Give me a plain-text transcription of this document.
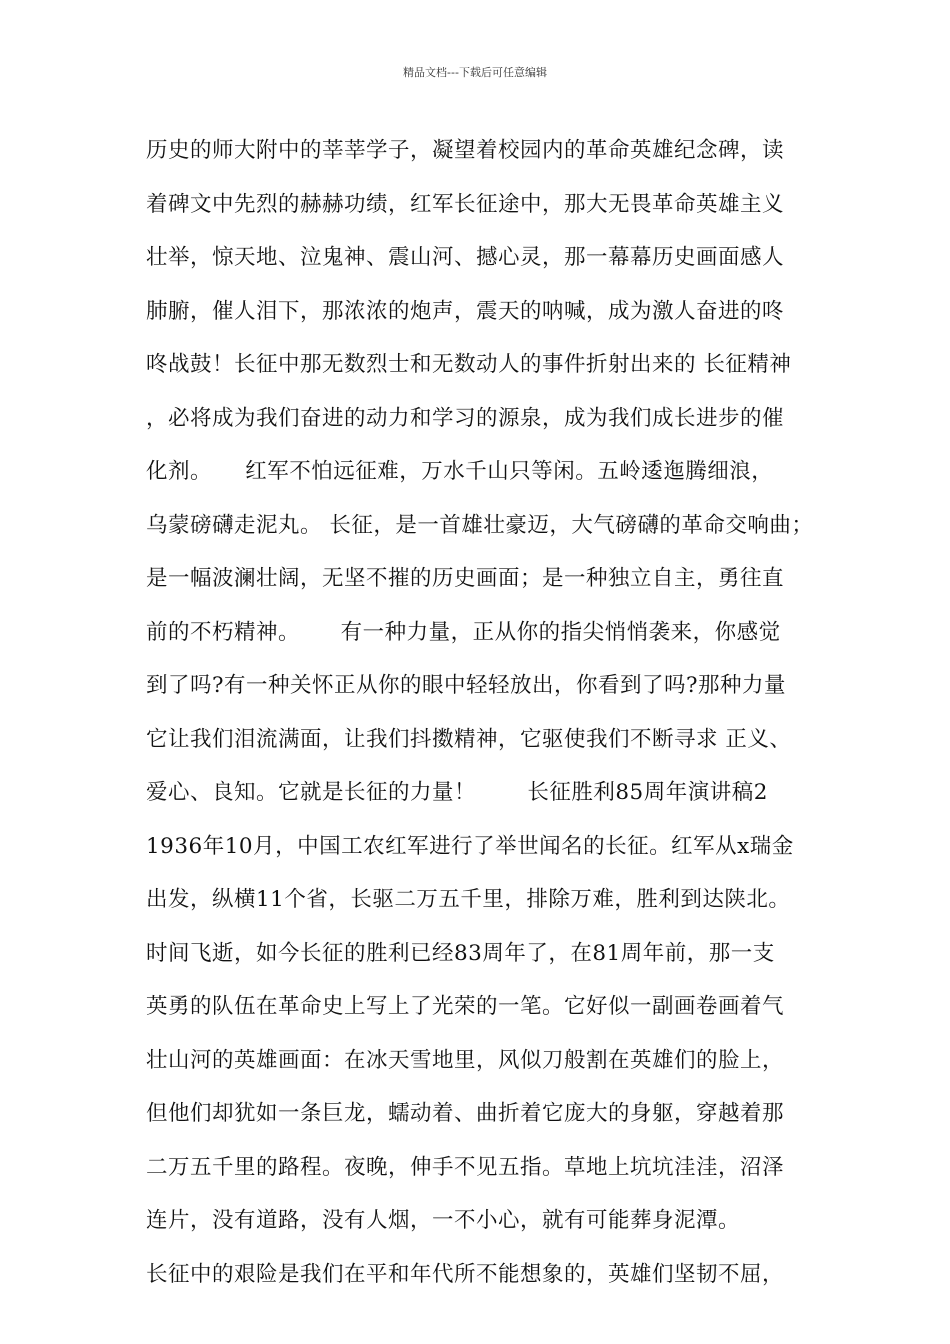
精品文档---下载后可任意编辑
历史的师大附中的莘莘学子，凝望着校园内的革命英雄纪念碑，读
着碑文中先烈的赫赫功绩，红军长征途中，那大无畏革命英雄主义
壮举，惊天地、泣鬼神、震山河、撼心灵，那一幕幕历史画面感人
肺腑，催人泪下，那浓浓的炮声，震天的呐喊，成为激人奋进的咚
咚战鼓！长征中那无数烈士和无数动人的事件折射出来的 长征精神
，必将成为我们奋进的动力和学习的源泉，成为我们成长进步的催
化剂。　　红军不怕远征难，万水千山只等闲。五岭逶迤腾细浪，
乌蒙磅礴走泥丸。 长征，是一首雄壮豪迈，大气磅礴的革命交响曲；
是一幅波澜壮阔，无坚不摧的历史画面；是一种独立自主，勇往直
前的不朽精神。　　 有一种力量，正从你的指尖悄悄袭来，你感觉
到了吗?有一种关怀正从你的眼中轻轻放出，你看到了吗?那种力量
它让我们泪流满面，让我们抖擞精神，它驱使我们不断寻求 正义、
爱心、良知。它就是长征的力量！　　 长征胜利85周年演讲稿2
1936年10月，中国工农红军进行了举世闻名的长征。红军从x瑞金
出发，纵横11个省，长驱二万五千里，排除万难，胜利到达陕北。
时间飞逝，如今长征的胜利已经83周年了，在81周年前，那一支
英勇的队伍在革命史上写上了光荣的一笔。它好似一副画卷画着气
壮山河的英雄画面：在冰天雪地里，风似刀般割在英雄们的脸上，
但他们却犹如一条巨龙，蠕动着、曲折着它庞大的身躯，穿越着那
二万五千里的路程。夜晚，伸手不见五指。草地上坑坑洼洼，沼泽
连片，没有道路，没有人烟，一不小心，就有可能葬身泥潭。
长征中的艰险是我们在平和年代所不能想象的，英雄们坚韧不屈，
